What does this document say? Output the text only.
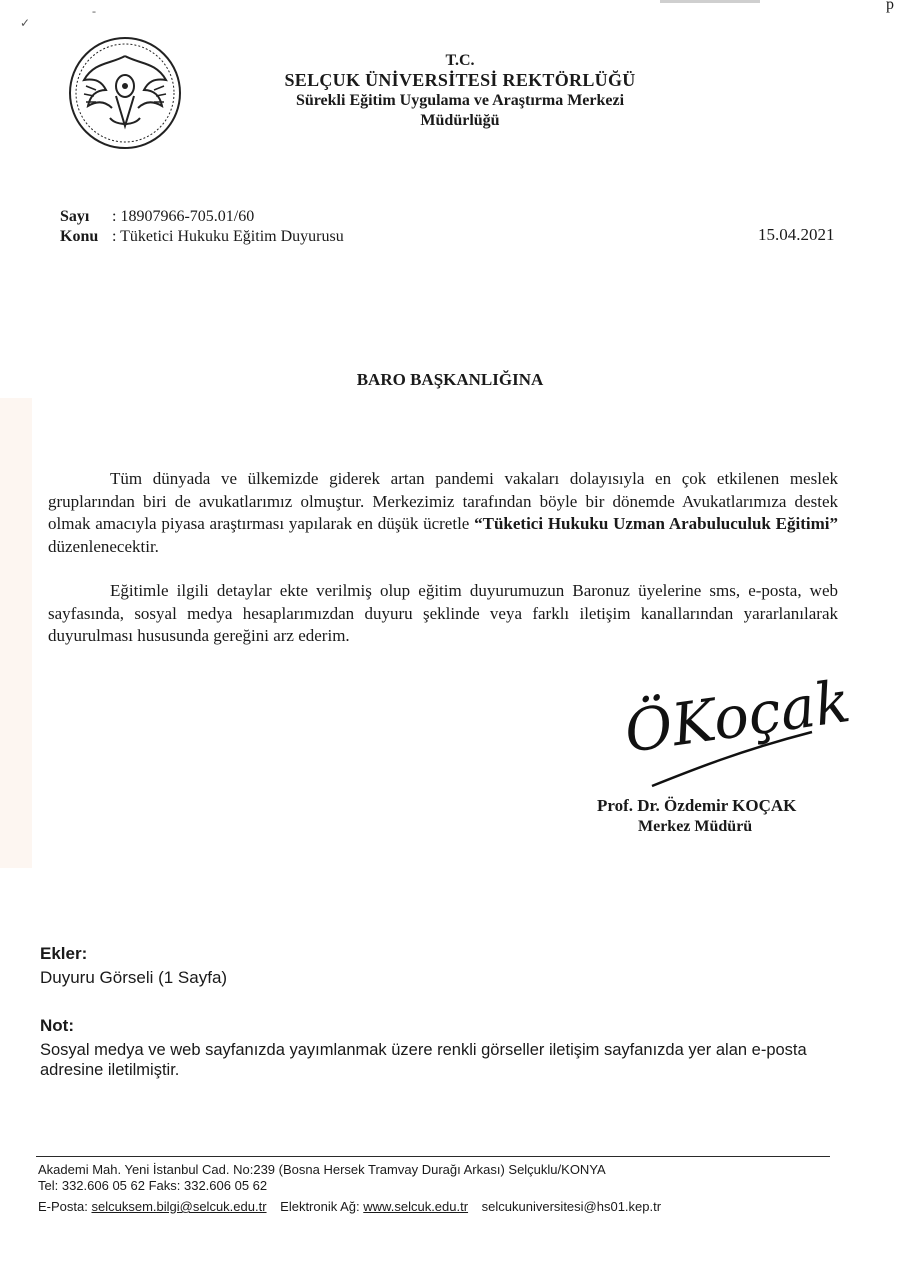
p
✓
-
T.C.
SELÇUK ÜNİVERSİTESİ REKTÖRLÜĞÜ
Sürekli Eğitim Uygulama ve Araştırma Merkezi
Müdürlüğü
Sayı : 18907966-705.01/60
Konu : Tüketici Hukuku Eğitim Duyurusu	15.04.2021
BARO BAŞKANLIĞINA
Tüm dünyada ve ülkemizde giderek artan pandemi vakaları dolayısıyla en çok etkilenen meslek gruplarından biri de avukatlarımız olmuştur. Merkezimiz tarafından böyle bir dönemde Avukatlarımıza destek olmak amacıyla piyasa araştırması yapılarak en düşük ücretle “Tüketici Hukuku Uzman Arabuluculuk Eğitimi” düzenlenecektir.
Eğitimle ilgili detaylar ekte verilmiş olup eğitim duyurumuzun Baronuz üyelerine sms, e-posta, web sayfasında, sosyal medya hesaplarımızdan duyuru şeklinde veya farklı iletişim kanallarından yararlanılarak duyurulması hususunda gereğini arz ederim.
ÖKoçak
Prof. Dr. Özdemir KOÇAK
Merkez Müdürü
Ekler:
Duyuru Görseli (1 Sayfa)
Not:
Sosyal medya ve web sayfanızda yayımlanmak üzere renkli görseller iletişim sayfanızda yer alan e-posta adresine iletilmiştir.
Akademi Mah. Yeni İstanbul Cad. No:239 (Bosna Hersek Tramvay Durağı Arkası) Selçuklu/KONYA
Tel: 332.606 05 62 Faks: 332.606 05 62
E-Posta: selcuksem.bilgi@selcuk.edu.tr Elektronik Ağ: www.selcuk.edu.tr selcukuniversitesi@hs01.kep.tr
